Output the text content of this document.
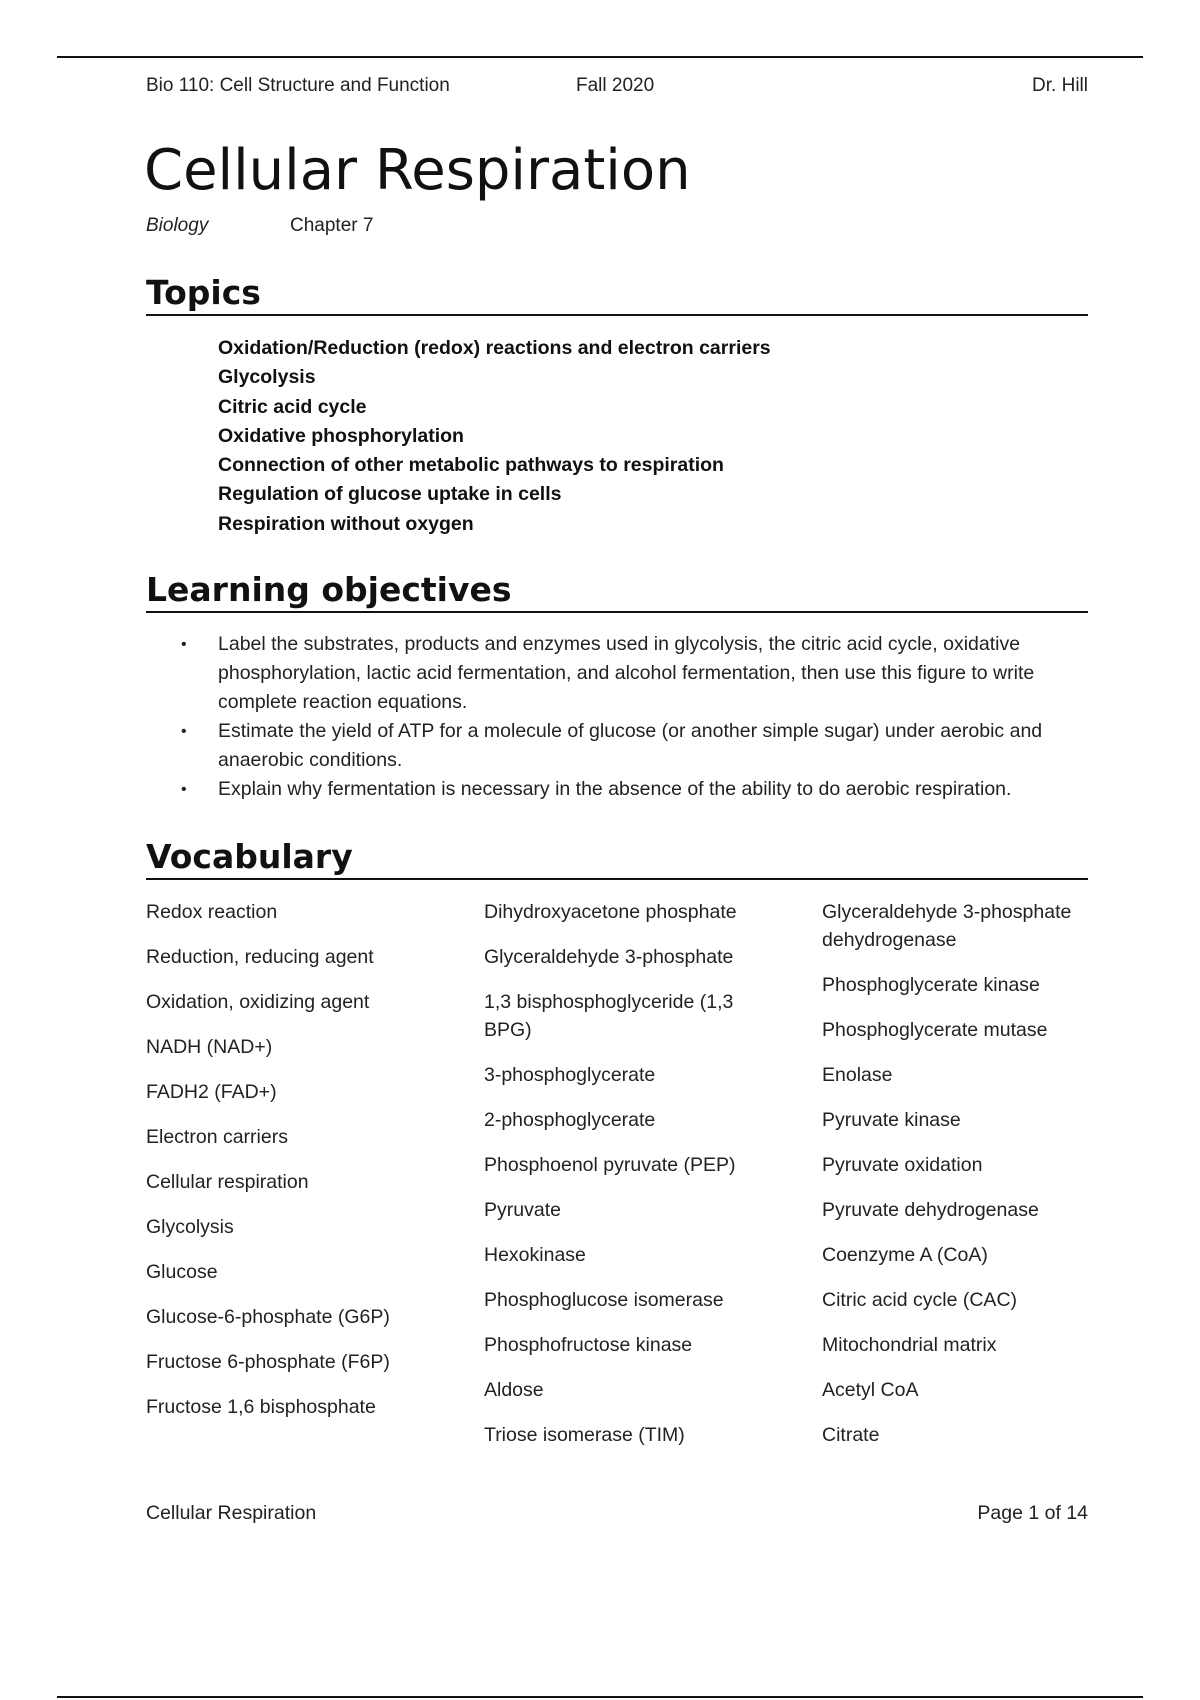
Bio 110: Cell Structure and Function	Fall 2020	Dr. Hill
Cellular Respiration
Biology	Chapter 7
Topics
Oxidation/Reduction (redox) reactions and electron carriers
Glycolysis
Citric acid cycle
Oxidative phosphorylation
Connection of other metabolic pathways to respiration
Regulation of glucose uptake in cells
Respiration without oxygen
Learning objectives
• Label the substrates, products and enzymes used in glycolysis, the citric acid cycle, oxidative phosphorylation, lactic acid fermentation, and alcohol fermentation, then use this figure to write complete reaction equations.
• Estimate the yield of ATP for a molecule of glucose (or another simple sugar) under aerobic and anaerobic conditions.
• Explain why fermentation is necessary in the absence of the ability to do aerobic respiration.
Vocabulary
Redox reaction
Reduction, reducing agent
Oxidation, oxidizing agent
NADH (NAD+)
FADH2 (FAD+)
Electron carriers
Cellular respiration
Glycolysis
Glucose
Glucose-6-phosphate (G6P)
Fructose 6-phosphate (F6P)
Fructose 1,6 bisphosphate
Dihydroxyacetone phosphate
Glyceraldehyde 3-phosphate
1,3 bisphosphoglyceride (1,3 BPG)
3-phosphoglycerate
2-phosphoglycerate
Phosphoenol pyruvate (PEP)
Pyruvate
Hexokinase
Phosphoglucose isomerase
Phosphofructose kinase
Aldose
Triose isomerase (TIM)
Glyceraldehyde 3-phosphate dehydrogenase
Phosphoglycerate kinase
Phosphoglycerate mutase
Enolase
Pyruvate kinase
Pyruvate oxidation
Pyruvate dehydrogenase
Coenzyme A (CoA)
Citric acid cycle (CAC)
Mitochondrial matrix
Acetyl CoA
Citrate
Cellular Respiration	Page 1 of 14
